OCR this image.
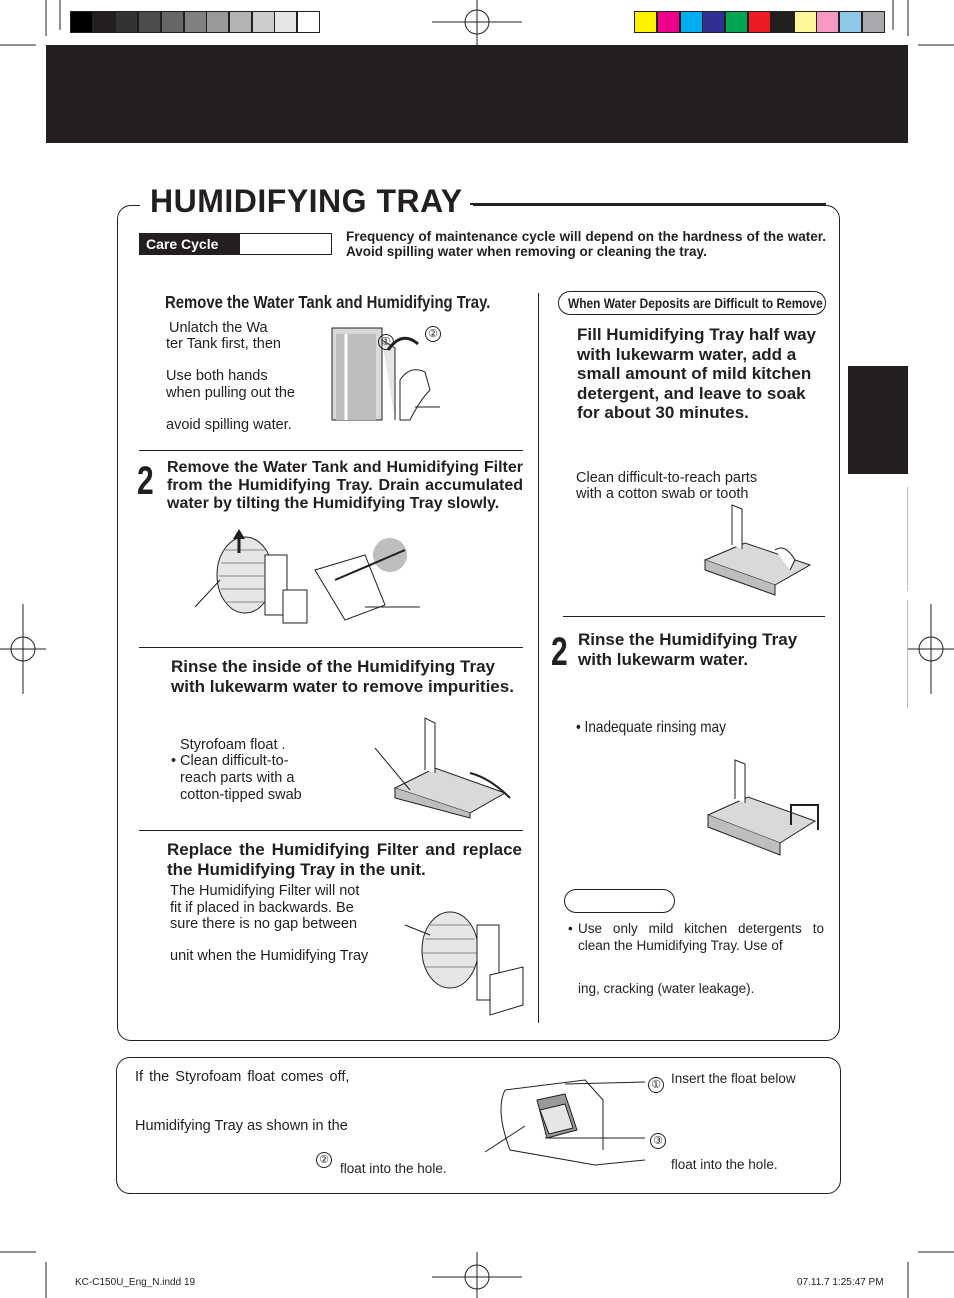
HUMIDIFYING TRAY
Care Cycle	Frequency of maintenance cycle will depend on the hardness of the water. Avoid spilling water when removing or cleaning the tray.
Remove the Water Tank and Humidifying Tray.
Unlatch the Wa
ter Tank first, then
Use both hands
when pulling out the
avoid spilling water.
①
②
2 Remove the Water Tank and Humidifying Filter from the Humidifying Tray. Drain accumulated water by tilting the Humidifying Tray slowly.
Rinse the inside of the Humidifying Tray with lukewarm water to remove impurities.
Styrofoam float .
• Clean difficult-to-
reach parts with a
cotton-tipped swab
Replace the Humidifying Filter and replace the Humidifying Tray in the unit.
The Humidifying Filter will not
fit if placed in backwards. Be
sure there is no gap between
unit when the Humidifying Tray
When Water Deposits are Difficult to Remove
Fill Humidifying Tray half way with lukewarm water, add a small amount of mild kitchen detergent, and leave to soak for about 30 minutes.
Clean difficult-to-reach parts
with a cotton swab or tooth
2 Rinse the Humidifying Tray with lukewarm water.
• Inadequate rinsing may
• Use only mild kitchen detergents to clean the Humidifying Tray. Use of
ing, cracking (water leakage).
If the Styrofoam float comes off,
Humidifying Tray as shown in the
②
float into the hole.
① Insert the float below
③
float into the hole.
KC-C150U_Eng_N.indd 19	07.11.7 1:25:47 PM
